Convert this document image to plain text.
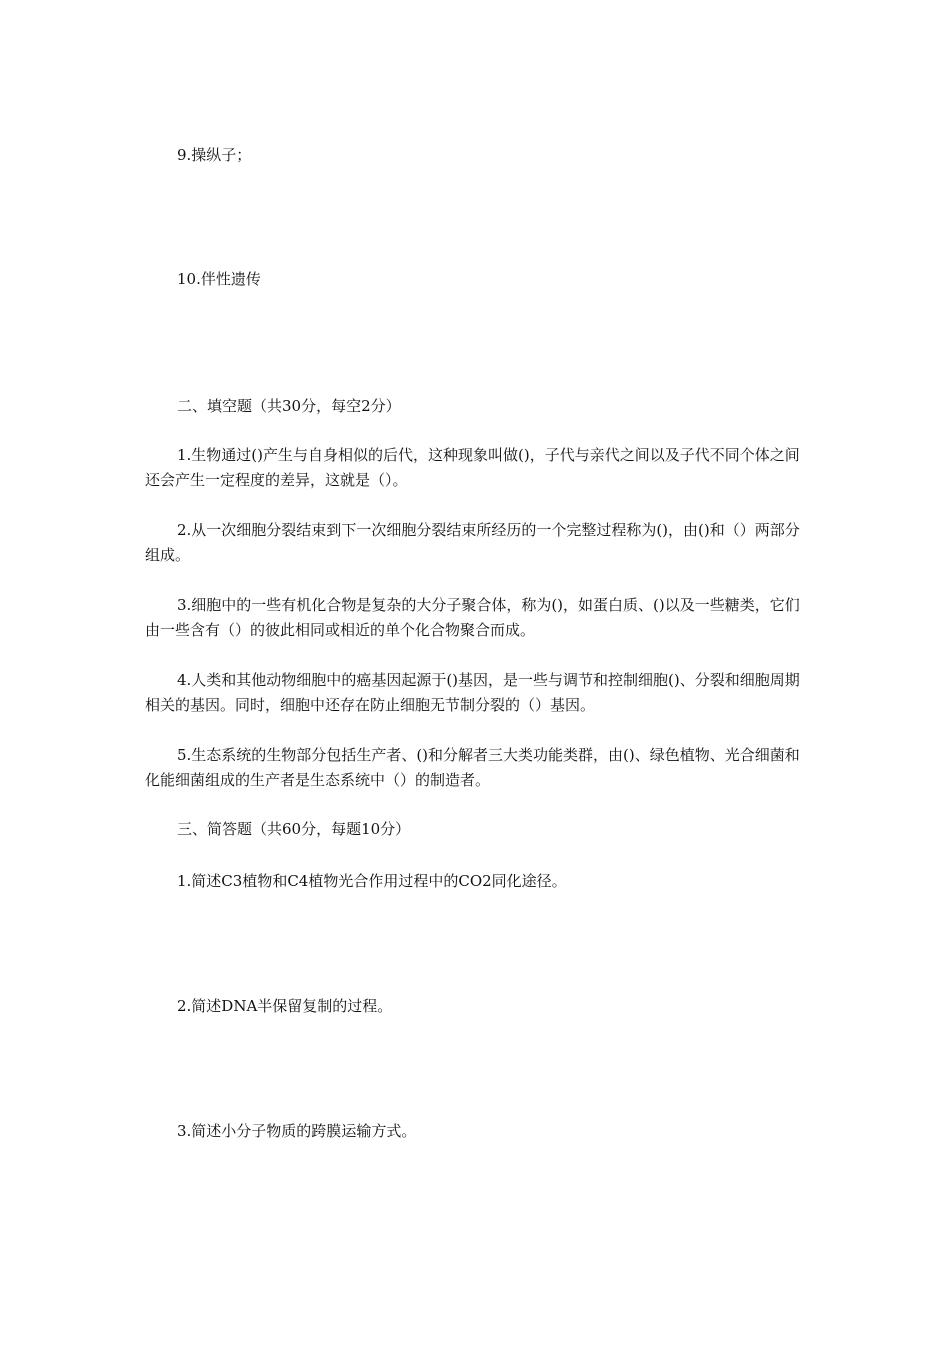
9.操纵子；

10.伴性遗传

二、填空题（共30分，每空2分）

1.生物通过()产生与自身相似的后代，这种现象叫做()，子代与亲代之间以及子代不同个体之间还会产生一定程度的差异，这就是（）。

2.从一次细胞分裂结束到下一次细胞分裂结束所经历的一个完整过程称为()，由()和（）两部分组成。

3.细胞中的一些有机化合物是复杂的大分子聚合体，称为()，如蛋白质、()以及一些糖类，它们由一些含有（）的彼此相同或相近的单个化合物聚合而成。

4.人类和其他动物细胞中的癌基因起源于()基因，是一些与调节和控制细胞()、分裂和细胞周期相关的基因。同时，细胞中还存在防止细胞无节制分裂的（）基因。

5.生态系统的生物部分包括生产者、()和分解者三大类功能类群，由()、绿色植物、光合细菌和化能细菌组成的生产者是生态系统中（）的制造者。

三、简答题（共60分，每题10分）

1.简述C3植物和C4植物光合作用过程中的CO2同化途径。

2.简述DNA半保留复制的过程。

3.简述小分子物质的跨膜运输方式。
